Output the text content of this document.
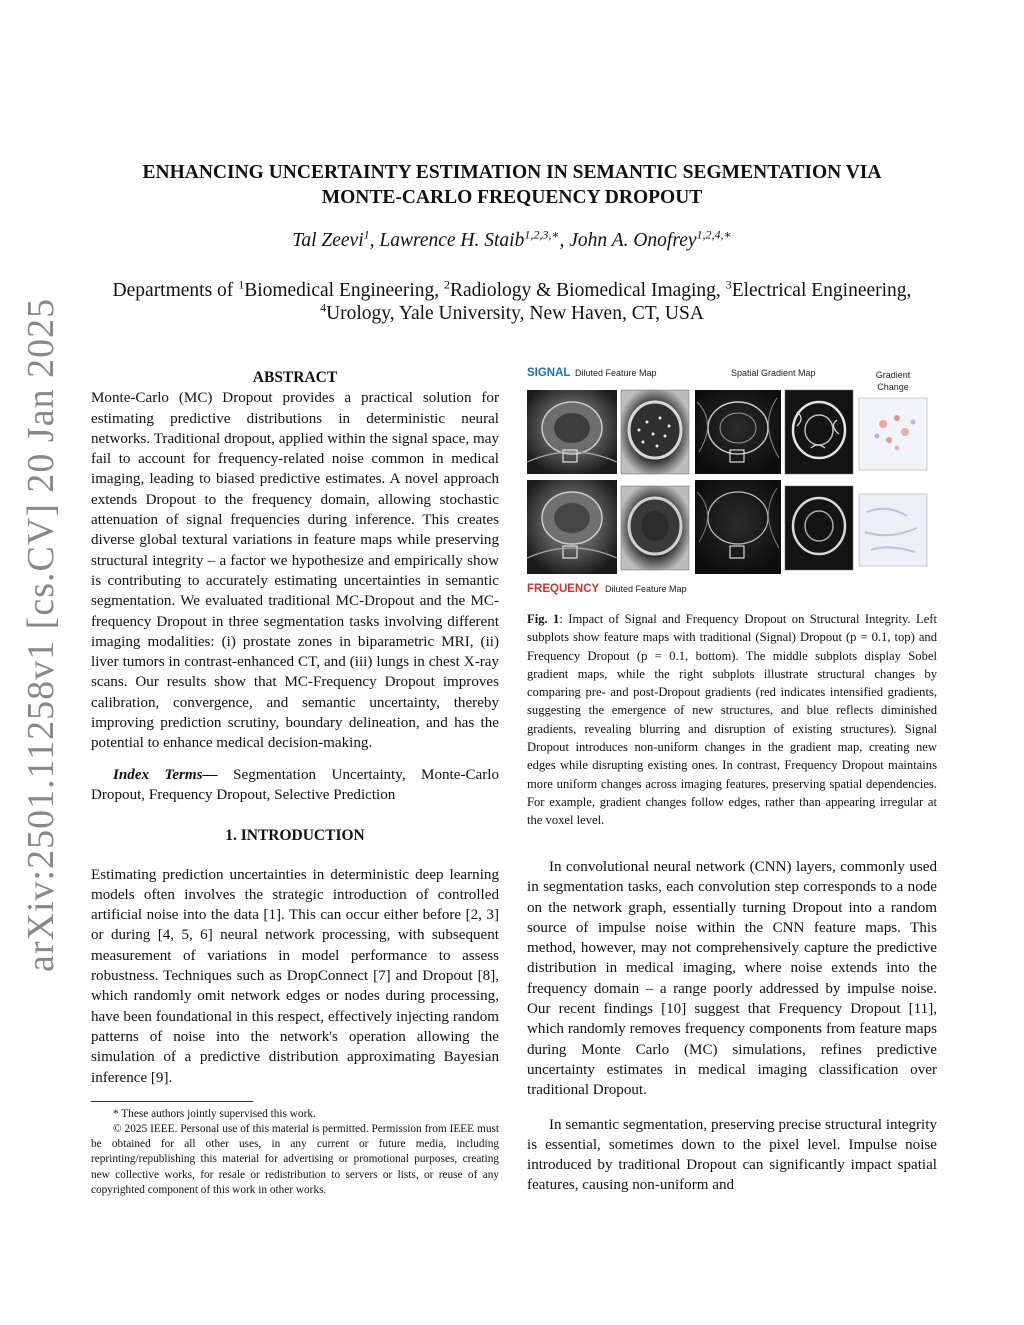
arXiv:2501.11258v1 [cs.CV] 20 Jan 2025
ENHANCING UNCERTAINTY ESTIMATION IN SEMANTIC SEGMENTATION VIA
MONTE-CARLO FREQUENCY DROPOUT
Tal Zeevi$^1$, Lawrence H. Staib$^{1,2,3,∗}$, John A. Onofrey$^{1,2,4,∗}$
Departments of $^1$Biomedical Engineering, $^2$Radiology & Biomedical Imaging, $^3$Electrical Engineering,
$^4$Urology, Yale University, New Haven, CT, USA

ABSTRACT

Monte-Carlo (MC) Dropout provides a practical solution for estimating predictive distributions in deterministic neural networks. Traditional dropout, applied within the signal space, may fail to account for frequency-related noise common in medical imaging, leading to biased predictive estimates. A novel approach extends Dropout to the frequency domain, allowing stochastic attenuation of signal frequencies during inference. This creates diverse global textural variations in feature maps while preserving structural integrity – a factor we hypothesize and empirically show is contributing to accurately estimating uncertainties in semantic segmentation. We evaluated traditional MC-Dropout and the MC-frequency Dropout in three segmentation tasks involving different imaging modalities: (i) prostate zones in biparametric MRI, (ii) liver tumors in contrast-enhanced CT, and (iii) lungs in chest X-ray scans. Our results show that MC-Frequency Dropout improves calibration, convergence, and semantic uncertainty, thereby improving prediction scrutiny, boundary delineation, and has the potential to enhance medical decision-making.

Index Terms— Segmentation Uncertainty, Monte-Carlo Dropout, Frequency Dropout, Selective Prediction

1. INTRODUCTION

Estimating prediction uncertainties in deterministic deep learning models often involves the strategic introduction of controlled artificial noise into the data [1]. This can occur either before [2, 3] or during [4, 5, 6] neural network processing, with subsequent measurement of variations in model performance to assess robustness. Techniques such as DropConnect [7] and Dropout [8], which randomly omit network edges or nodes during processing, have been foundational in this respect, effectively injecting random patterns of noise into the network's operation allowing the simulation of a predictive distribution approximating Bayesian inference [9].

* These authors jointly supervised this work.

© 2025 IEEE. Personal use of this material is permitted. Permission from IEEE must be obtained for all other uses, in any current or future media, including reprinting/republishing this material for advertising or promotional purposes, creating new collective works, for resale or redistribution to servers or lists, or reuse of any copyrighted component of this work in other works.

SIGNAL Diluted Feature Map	Spatial Gradient Map	Gradient
Change
FREQUENCY Diluted Feature Map
Fig. 1: Impact of Signal and Frequency Dropout on Structural Integrity. Left subplots show feature maps with traditional (Signal) Dropout (p = 0.1, top) and Frequency Dropout (p = 0.1, bottom). The middle subplots display Sobel gradient maps, while the right subplots illustrate structural changes by comparing pre- and post-Dropout gradients (red indicates intensified gradients, suggesting the emergence of new structures, and blue reflects diminished gradients, revealing blurring and disruption of existing structures). Signal Dropout introduces non-uniform changes in the gradient map, creating new edges while disrupting existing ones. In contrast, Frequency Dropout maintains more uniform changes across imaging features, preserving spatial dependencies. For example, gradient changes follow edges, rather than appearing irregular at the voxel level.

In convolutional neural network (CNN) layers, commonly used in segmentation tasks, each convolution step corresponds to a node on the network graph, essentially turning Dropout into a random source of impulse noise within the CNN feature maps. This method, however, may not comprehensively capture the predictive distribution in medical imaging, where noise extends into the frequency domain – a range poorly addressed by impulse noise. Our recent findings [10] suggest that Frequency Dropout [11], which randomly removes frequency components from feature maps during Monte Carlo (MC) simulations, refines predictive uncertainty estimates in medical imaging classification over traditional Dropout.

In semantic segmentation, preserving precise structural integrity is essential, sometimes down to the pixel level. Impulse noise introduced by traditional Dropout can significantly impact spatial features, causing non-uniform and
